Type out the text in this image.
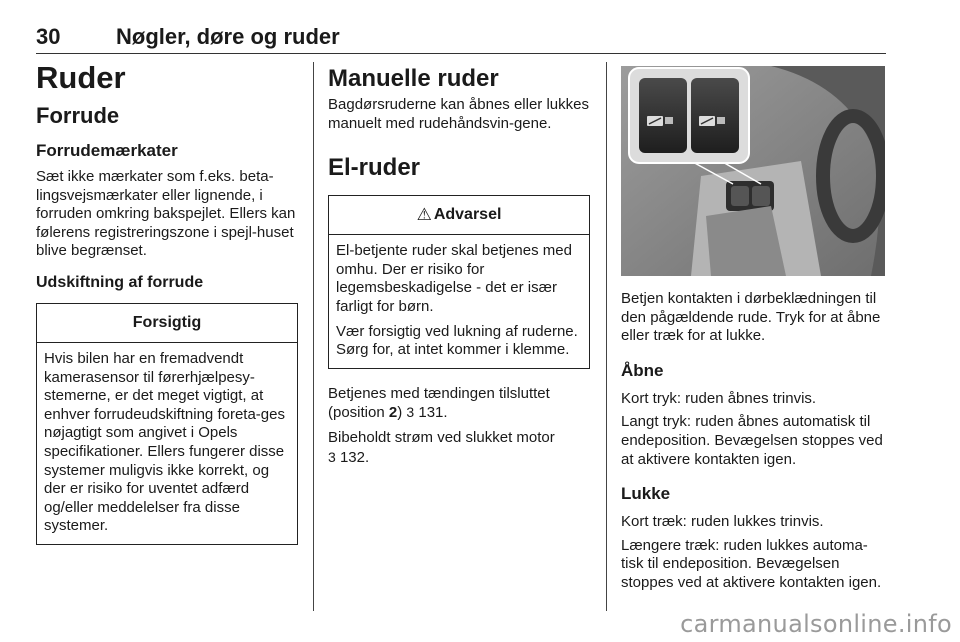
30	Nøgler, døre og ruder
Ruder
Forrude
Forrudemærkater

Sæt ikke mærkater som f.eks. beta-lingsvejsmærkater eller lignende, i forruden omkring bakspejlet. Ellers kan følerens registreringszone i spejl-huset blive begrænset.

Udskiftning af forrude
Forsigtig

Hvis bilen har en fremadvendt kamerasensor til førerhjælpesy-stemerne, er det meget vigtigt, at enhver forrudeudskiftning foreta-ges nøjagtigt som angivet i Opels specifikationer. Ellers fungerer disse systemer muligvis ikke korrekt, og der er risiko for uventet adfærd og/eller meddelelser fra disse systemer.

Manuelle ruder

Bagdørsruderne kan åbnes eller lukkes manuelt med rudehåndsvin-gene.

El-ruder
⚠ Advarsel

El-betjente ruder skal betjenes med omhu. Der er risiko for legemsbeskadigelse - det er især farligt for børn.

Vær forsigtig ved lukning af ruderne. Sørg for, at intet kommer i klemme.

Betjenes med tændingen tilsluttet (position 2) 3 131.

Bibeholdt strøm ved slukket motor
3 132.

Betjen kontakten i dørbeklædningen til den pågældende rude. Tryk for at åbne eller træk for at lukke.

Åbne

Kort tryk: ruden åbnes trinvis.

Langt tryk: ruden åbnes automatisk til endeposition. Bevægelsen stoppes ved at aktivere kontakten igen.

Lukke

Kort træk: ruden lukkes trinvis.

Længere træk: ruden lukkes automa-tisk til endeposition. Bevægelsen stoppes ved at aktivere kontakten igen.

carmanualsonline.info
